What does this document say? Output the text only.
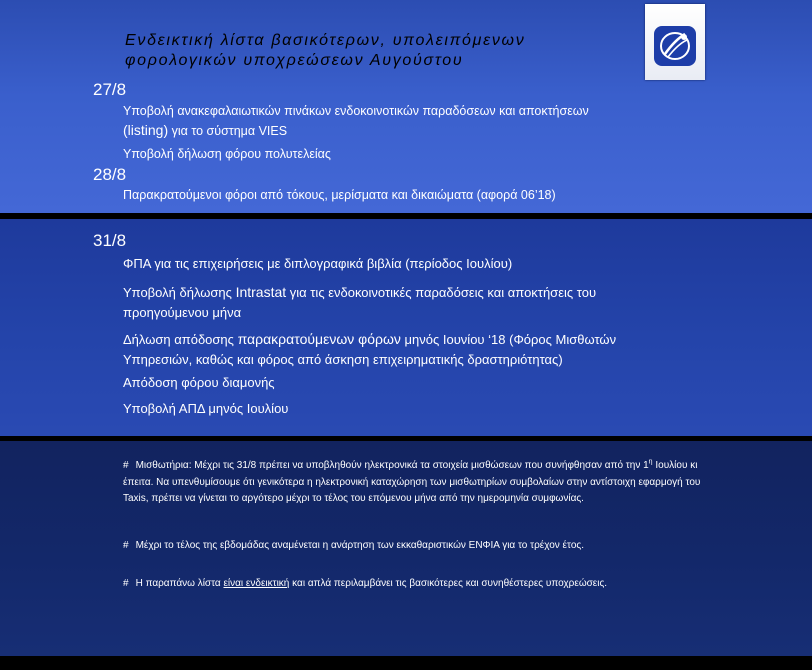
Ενδεικτική λίστα βασικότερων, υπολειπόμενων
φορολογικών υποχρεώσεων Αυγούστου
27/8
Υποβολή ανακεφαλαιωτικών πινάκων ενδοκοινοτικών παραδόσεων και αποκτήσεων
(listing) για το σύστημα VIES
Υποβολή δήλωση φόρου πολυτελείας
28/8
Παρακρατούμενοι φόροι από τόκους, μερίσματα και δικαιώματα (αφορά 06’18)
31/8
ΦΠΑ για τις επιχειρήσεις με διπλογραφικά βιβλία (περίοδος Ιουλίου)
Υποβολή δήλωσης Intrastat για τις ενδοκοινοτικές παραδόσεις και αποκτήσεις του
προηγούμενου μήνα
Δήλωση απόδοσης παρακρατούμενων φόρων μηνός Ιουνίου ‘18 (Φόρος Μισθωτών
Υπηρεσιών, καθώς και φόρος από άσκηση επιχειρηματικής δραστηριότητας)
Απόδοση φόρου διαμονής
Υποβολή ΑΠΔ μηνός Ιουλίου
# Μισθωτήρια: Μέχρι τις 31/8 πρέπει να υποβληθούν ηλεκτρονικά τα στοιχεία μισθώσεων που συνήφθησαν από την $1^\eta$ Ιουλίου κι έπειτα. Να υπενθυμίσουμε ότι γενικότερα η ηλεκτρονική καταχώρηση των μισθωτηρίων συμβολαίων στην αντίστοιχη εφαρμογή του Taxis, πρέπει να γίνεται το αργότερο μέχρι το τέλος του επόμενου μήνα από την ημερομηνία συμφωνίας.
# Μέχρι το τέλος της εβδομάδας αναμένεται η ανάρτηση των εκκαθαριστικών ΕΝΦΙΑ για το τρέχον έτος.
# Η παραπάνω λίστα είναι ενδεικτική και απλά περιλαμβάνει τις βασικότερες και συνηθέστερες υποχρεώσεις.
